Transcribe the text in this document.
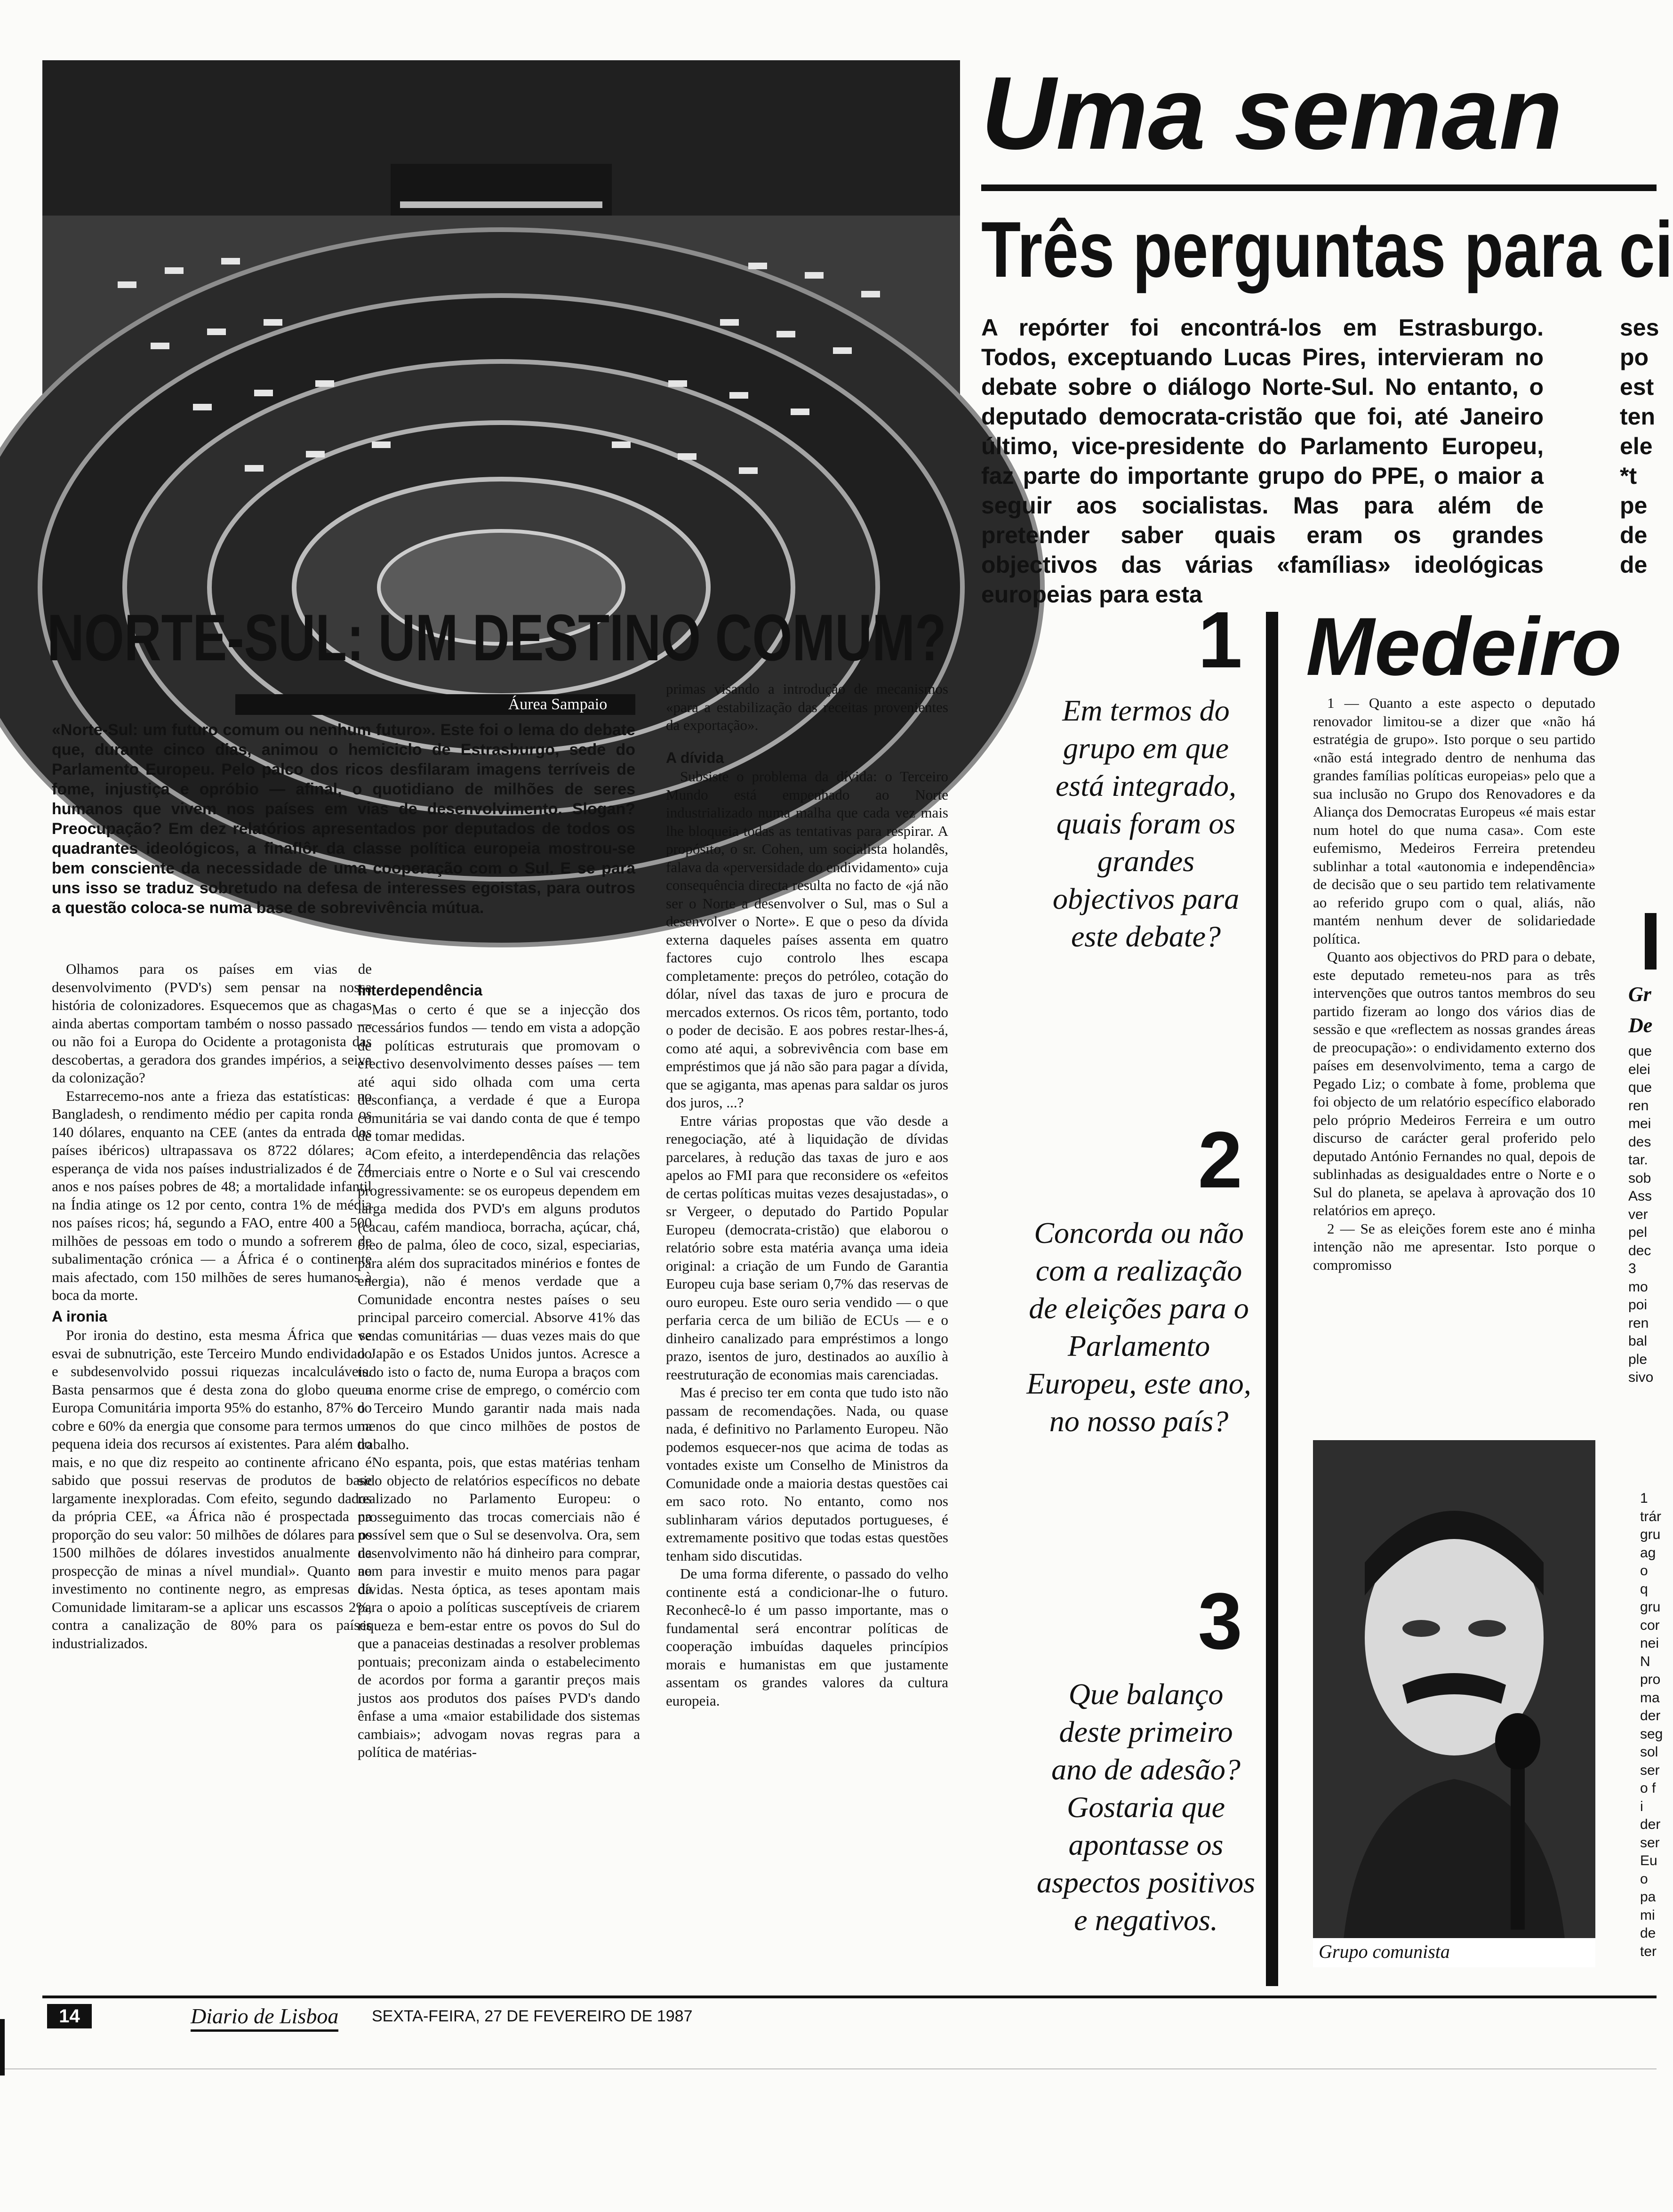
Uma seman
Três perguntas para ci
A repórter foi encontrá-los em Estrasburgo. Todos, exceptuando Lucas Pires, intervieram no debate sobre o diálogo Norte-Sul. No entanto, o deputado democrata-cristão que foi, até Janeiro último, vice-presidente do Parlamento Europeu, faz parte do importante grupo do PPE, o maior a seguir aos socialistas. Mas para além de pretender saber quais eram os grandes objectivos das várias «famílias» ideológicas europeias para esta
ses
po
est
ten
ele
*t
pe
de
de
NORTE-SUL: UM DESTINO COMUM?
Áurea Sampaio
«Norte-Sul: um futuro comum ou nenhum futuro». Este foi o lema do debate que, durante cinco dias, animou o hemiciclo de Estrasburgo, sede do Parlamento Europeu. Pelo palco dos ricos desfilaram imagens terríveis de fome, injustiça e opróbio — afinal, o quotidiano de milhões de seres humanos que vivem nos países em vias de desenvolvimento. Slogan? Preocupação? Em dez relatórios apresentados por deputados de todos os quadrantes ideológicos, a finaflôr da classe política europeia mostrou-se bem consciente da necessidade de uma cooperação com o Sul. E se para uns isso se traduz sobretudo na defesa de interesses egoistas, para outros a questão coloca-se numa base de sobrevivência mútua.

Olhamos para os países em vias de desenvolvimento (PVD's) sem pensar na nossa história de colonizadores. Esquecemos que as chagas ainda abertas comportam também o nosso passado — ou não foi a Europa do Ocidente a protagonista das descobertas, a geradora dos grandes impérios, a seiva da colonização?

Estarrecemo-nos ante a frieza das estatísticas: no Bangladesh, o rendimento médio per capita ronda os 140 dólares, enquanto na CEE (antes da entrada dos países ibéricos) ultrapassava os 8722 dólares; a esperança de vida nos países industrializados é de 74 anos e nos países pobres de 48; a mortalidade infantil na Índia atinge os 12 por cento, contra 1% de média nos países ricos; há, segundo a FAO, entre 400 a 500 milhões de pessoas em todo o mundo a sofrerem de subalimentação crónica — a África é o continente mais afectado, com 150 milhões de seres humanos à boca da morte.

A ironia

Por ironia do destino, esta mesma África que se esvai de subnutrição, este Terceiro Mundo endividado e subdesenvolvido possui riquezas incalculáveis. Basta pensarmos que é desta zona do globo que a Europa Comunitária importa 95% do estanho, 87% do cobre e 60% da energia que consome para termos uma pequena ideia dos recursos aí existentes. Para além do mais, e no que diz respeito ao continente africano é sabido que possui reservas de produtos de base largamente inexploradas. Com efeito, segundo dados da própria CEE, «a África não é prospectada na proporção do seu valor: 50 milhões de dólares para os 1500 milhões de dólares investidos anualmente na prospecção de minas a nível mundial». Quanto ao investimento no continente negro, as empresas da Comunidade limitaram-se a aplicar uns escassos 2%, contra a canalização de 80% para os países industrializados.

Interdependência

Mas o certo é que se a injecção dos necessários fundos — tendo em vista a adopção de políticas estruturais que promovam o efectivo desenvolvimento desses países — tem até aqui sido olhada com uma certa desconfiança, a verdade é que a Europa comunitária se vai dando conta de que é tempo de tomar medidas.

Com efeito, a interdependência das relações comerciais entre o Norte e o Sul vai crescendo progressivamente: se os europeus dependem em larga medida dos PVD's em alguns produtos (cacau, cafém mandioca, borracha, açúcar, chá, óleo de palma, óleo de coco, sizal, especiarias, para além dos supracitados minérios e fontes de energia), não é menos verdade que a Comunidade encontra nestes países o seu principal parceiro comercial. Absorve 41% das vendas comunitárias — duas vezes mais do que o Japão e os Estados Unidos juntos. Acresce a tudo isto o facto de, numa Europa a braços com uma enorme crise de emprego, o comércio com o Terceiro Mundo garantir nada mais nada menos do que cinco milhões de postos de trabalho.

No espanta, pois, que estas matérias tenham sido objecto de relatórios específicos no debate realizado no Parlamento Europeu: o prosseguimento das trocas comerciais não é possível sem que o Sul se desenvolva. Ora, sem desenvolvimento não há dinheiro para comprar, nem para investir e muito menos para pagar dívidas. Nesta óptica, as teses apontam mais para o apoio a políticas susceptíveis de criarem riqueza e bem-estar entre os povos do Sul do que a panaceias destinadas a resolver problemas pontuais; preconizam ainda o estabelecimento de acordos por forma a garantir preços mais justos aos produtos dos países PVD's dando ênfase a uma «maior estabilidade dos sistemas cambiais»; advogam novas regras para a política de matérias-

primas visando a introdução de mecanismos «para a estabilização das receitas provenientes da exportação».

A dívida

Subsiste o problema da dívida: o Terceiro Mundo está empenhado ao Norte industrializado numa malha que cada vez mais lhe bloqueia todas as tentativas para respirar. A propósito, o sr. Cohen, um socialista holandês, falava da «perversidade do endividamento» cuja consequência directa resulta no facto de «já não ser o Norte a desenvolver o Sul, mas o Sul a desenvolver o Norte». E que o peso da dívida externa daqueles países assenta em quatro factores cujo controlo lhes escapa completamente: preços do petróleo, cotação do dólar, nível das taxas de juro e procura de mercados externos. Os ricos têm, portanto, todo o poder de decisão. E aos pobres restar-lhes-á, como até aqui, a sobrevivência com base em empréstimos que já não são para pagar a dívida, que se agiganta, mas apenas para saldar os juros dos juros, ...?

Entre várias propostas que vão desde a renegociação, até à liquidação de dívidas parcelares, à redução das taxas de juro e aos apelos ao FMI para que reconsidere os «efeitos de certas políticas muitas vezes desajustadas», o sr Vergeer, o deputado do Partido Popular Europeu (democrata-cristão) que elaborou o relatório sobre esta matéria avança uma ideia original: a criação de um Fundo de Garantia Europeu cuja base seriam 0,7% das reservas de ouro europeu. Este ouro seria vendido — o que perfaria cerca de um bilião de ECUs — e o dinheiro canalizado para empréstimos a longo prazo, isentos de juro, destinados ao auxílio à reestruturação de economias mais carenciadas.

Mas é preciso ter em conta que tudo isto não passam de recomendações. Nada, ou quase nada, é definitivo no Parlamento Europeu. Não podemos esquecer-nos que acima de todas as vontades existe um Conselho de Ministros da Comunidade onde a maioria destas questões cai em saco roto. No entanto, como nos sublinharam vários deputados portugueses, é extremamente positivo que todas estas questões tenham sido discutidas.

De uma forma diferente, o passado do velho continente está a condicionar-lhe o futuro. Reconhecê-lo é um passo importante, mas o fundamental será encontrar políticas de cooperação imbuídas daqueles princípios morais e humanistas em que justamente assentam os grandes valores da cultura europeia.

1
Em termos do grupo em que está integrado, quais foram os grandes objectivos para este debate?
2
Concorda ou não com a realização de eleições para o Parlamento Europeu, este ano, no nosso país?
3
Que balanço deste primeiro ano de adesão? Gostaria que apontasse os aspectos positivos e negativos.
Medeiro

1 — Quanto a este aspecto o deputado renovador limitou-se a dizer que «não há estratégia de grupo». Isto porque o seu partido «não está integrado dentro de nenhuma das grandes famílias políticas europeias» pelo que a sua inclusão no Grupo dos Renovadores e da Aliança dos Democratas Europeus «é mais estar num hotel do que numa casa». Com este eufemismo, Medeiros Ferreira pretendeu sublinhar a total «autonomia e independência» de decisão que o seu partido tem relativamente ao referido grupo com o qual, aliás, não mantém nenhum dever de solidariedade política.

Quanto aos objectivos do PRD para o debate, este deputado remeteu-nos para as três intervenções que outros tantos membros do seu partido fizeram ao longo dos vários dias de sessão e que «reflectem as nossas grandes áreas de preocupação»: o endividamento externo dos países em desenvolvimento, tema a cargo de Pegado Liz; o combate à fome, problema que foi objecto de um relatório específico elaborado pelo próprio Medeiros Ferreira e um outro discurso de carácter geral proferido pelo deputado António Fernandes no qual, depois de sublinhadas as desigualdades entre o Norte e o Sul do planeta, se apelava à aprovação dos 10 relatórios em apreço.

2 — Se as eleições forem este ano é minha intenção não me apresentar. Isto porque o compromisso

Grupo comunista
Gr
De
que
elei
que
ren
mei
des
tar.
sob
Ass
ver
pel
dec
3
mo
poi
ren
bal
ple
sivo
1
trár
gru
ag
o q
gru
cor
nei
N
pro
ma
der
seg
sol
ser
o f
i
der
ser
Eu
o
pa
mi
de
ter
14	Diario de Lisboa SEXTA-FEIRA, 27 DE FEVEREIRO DE 1987
